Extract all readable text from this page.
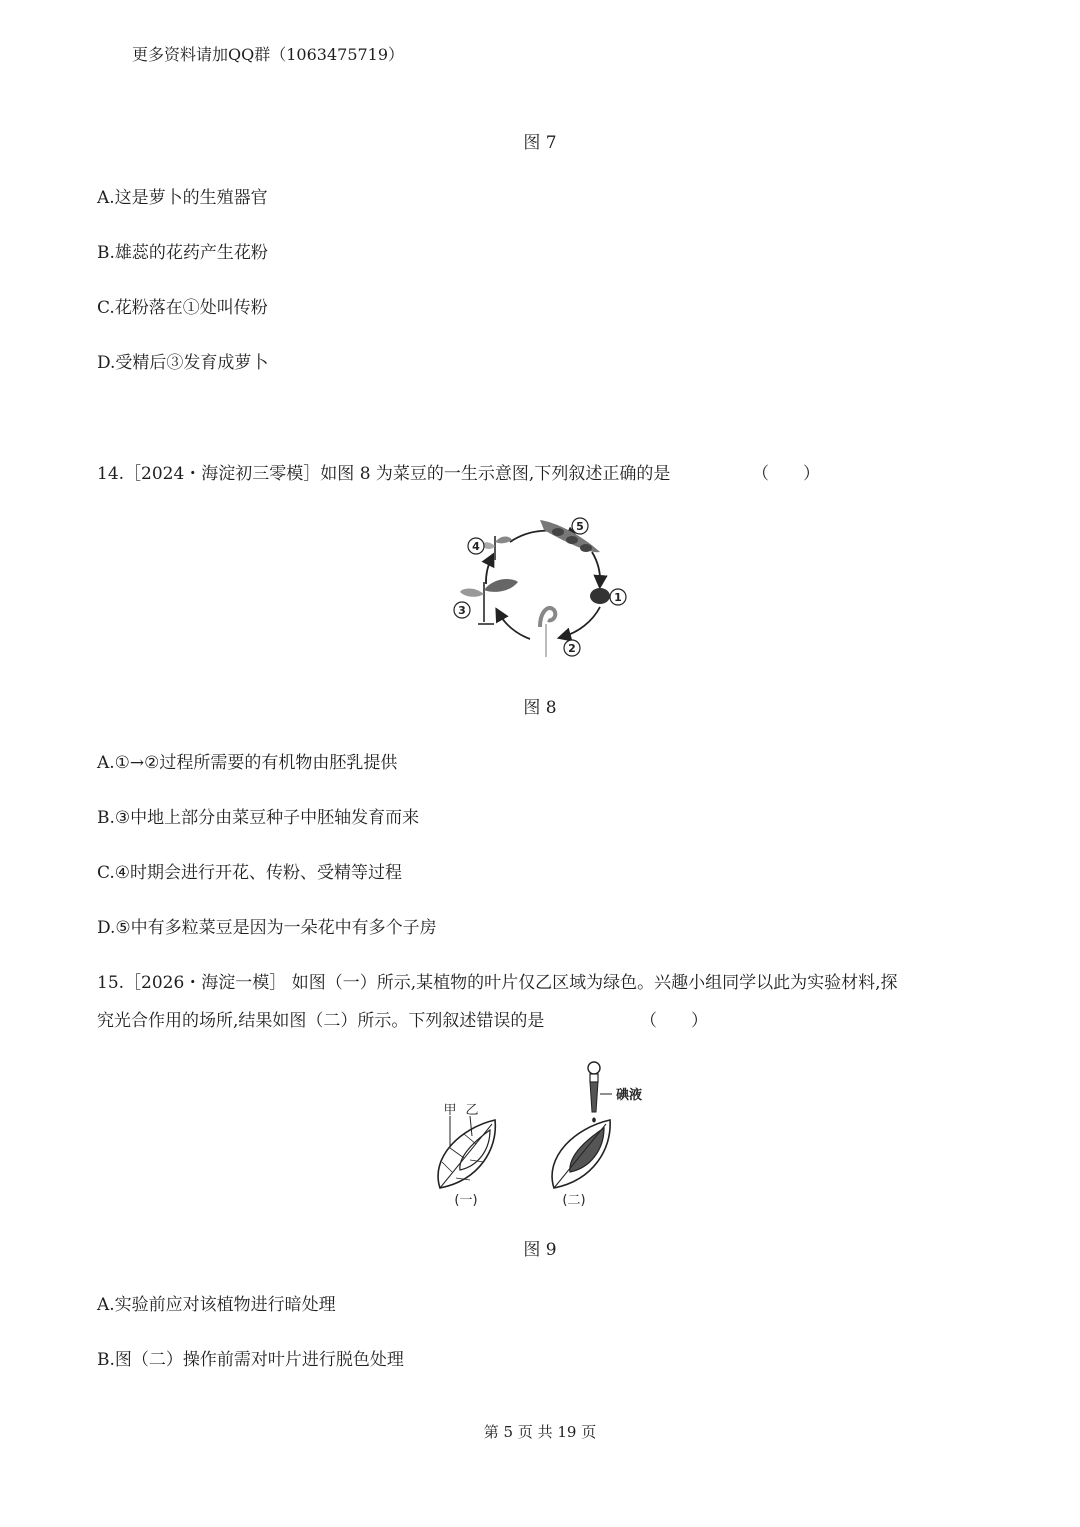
更多资料请加QQ群（1063475719）
图 7
A.这是萝卜的生殖器官
B.雄蕊的花药产生花粉
C.花粉落在①处叫传粉
D.受精后③发育成萝卜
14.［2024・海淀初三零模］如图 8 为菜豆的一生示意图,下列叙述正确的是	（　　）
5
1
2
3
4
图 8
A.①→②过程所需要的有机物由胚乳提供
B.③中地上部分由菜豆种子中胚轴发育而来
C.④时期会进行开花、传粉、受精等过程
D.⑤中有多粒菜豆是因为一朵花中有多个子房
15.［2026・海淀一模］ 如图（一）所示,某植物的叶片仅乙区域为绿色。兴趣小组同学以此为实验材料,探
究光合作用的场所,结果如图（二）所示。下列叙述错误的是	（　　）
甲 乙
(一)
碘液
(二)
图 9
A.实验前应对该植物进行暗处理
B.图（二）操作前需对叶片进行脱色处理
第 5 页 共 19 页
